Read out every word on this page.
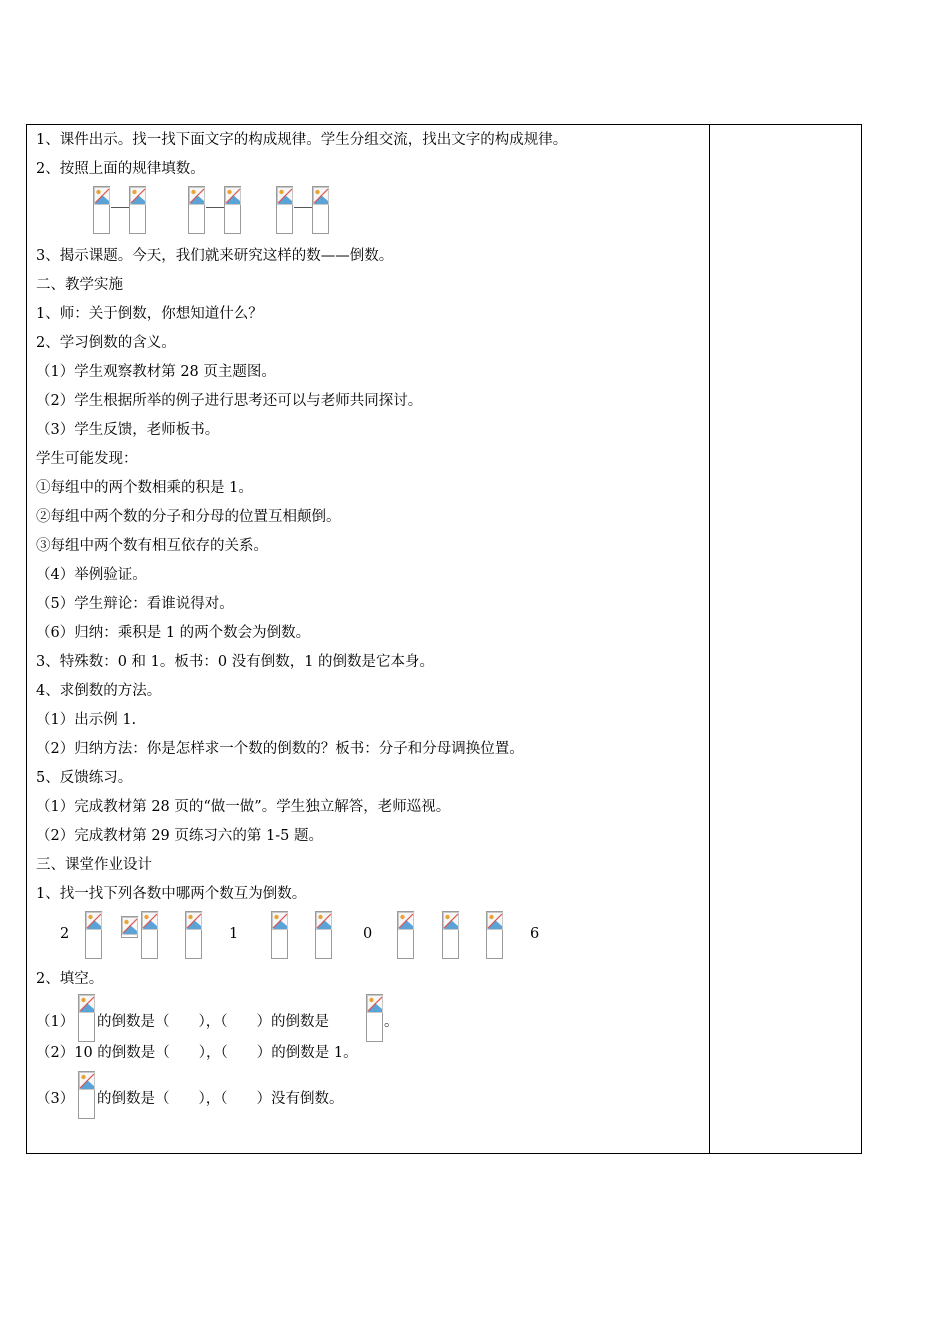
1、课件出示。找一找下面文字的构成规律。学生分组交流，找出文字的构成规律。
2、按照上面的规律填数。
3、揭示课题。今天，我们就来研究这样的数——倒数。
二、教学实施
1、师：关于倒数，你想知道什么？
2、学习倒数的含义。
（1）学生观察教材第 28 页主题图。
（2）学生根据所举的例子进行思考还可以与老师共同探讨。
（3）学生反馈，老师板书。
学生可能发现：
①每组中的两个数相乘的积是 1。
②每组中两个数的分子和分母的位置互相颠倒。
③每组中两个数有相互依存的关系。
（4）举例验证。
（5）学生辩论：看谁说得对。
（6）归纳：乘积是 1 的两个数会为倒数。
3、特殊数：0 和 1。板书：0 没有倒数，1 的倒数是它本身。
4、求倒数的方法。
（1）出示例 1.
（2）归纳方法：你是怎样求一个数的倒数的？板书：分子和分母调换位置。
5、反馈练习。
（1）完成教材第 28 页的“做一做”。学生独立解答，老师巡视。
（2）完成教材第 29 页练习六的第 1-5 题。
三、课堂作业设计
1、找一找下列各数中哪两个数互为倒数。
2	1	0	6
2、填空。
（1） 的倒数是（　　），（　　）的倒数是	。
（2）10 的倒数是（　　），（　　）的倒数是 1。
（3） 的倒数是（　　），（　　）没有倒数。
